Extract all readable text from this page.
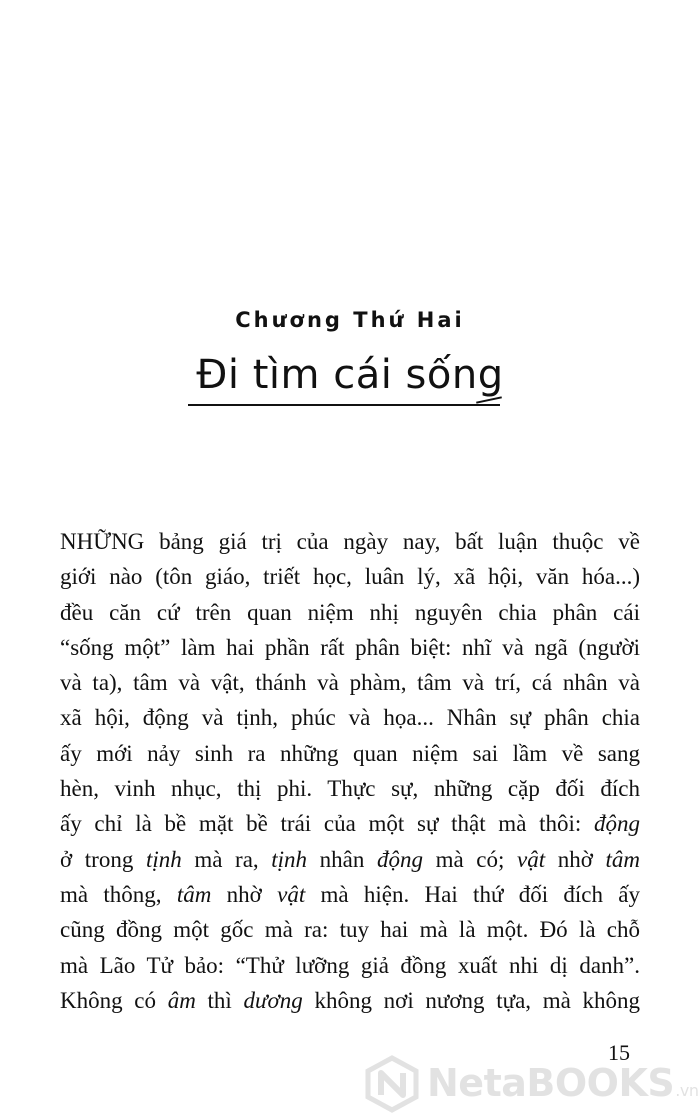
Chương Thứ Hai
Đi tìm cái sống
NHỮNG bảng giá trị của ngày nay, bất luận thuộc về
giới nào (tôn giáo, triết học, luân lý, xã hội, văn hóa...)
đều căn cứ trên quan niệm nhị nguyên chia phân cái
“sống một” làm hai phần rất phân biệt: nhĩ và ngã (người
và ta), tâm và vật, thánh và phàm, tâm và trí, cá nhân và
xã hội, động và tịnh, phúc và họa... Nhân sự phân chia
ấy mới nảy sinh ra những quan niệm sai lầm về sang
hèn, vinh nhục, thị phi. Thực sự, những cặp đối đích
ấy chỉ là bề mặt bề trái của một sự thật mà thôi: động
ở trong tịnh mà ra, tịnh nhân động mà có; vật nhờ tâm
mà thông, tâm nhờ vật mà hiện. Hai thứ đối đích ấy
cũng đồng một gốc mà ra: tuy hai mà là một. Đó là chỗ
mà Lão Tử bảo: “Thử lưỡng giả đồng xuất nhi dị danh”.
Không có âm thì dương không nơi nương tựa, mà không
15
NetaBOOKS.vn
